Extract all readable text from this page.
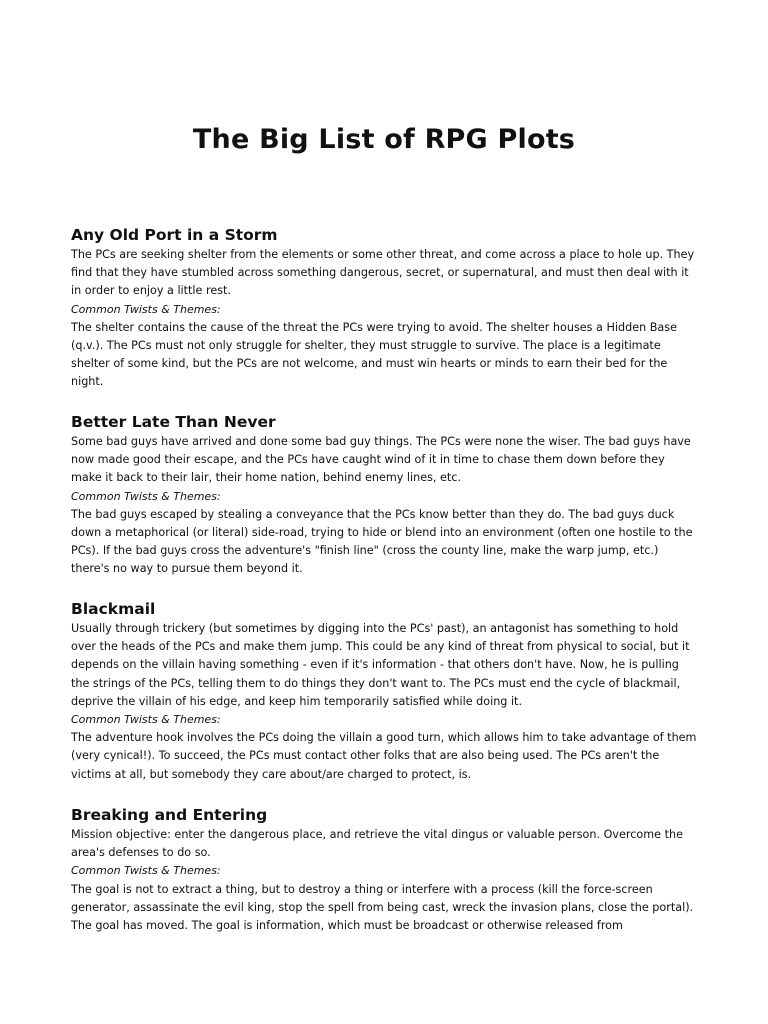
The Big List of RPG Plots
Any Old Port in a Storm

The PCs are seeking shelter from the elements or some other threat, and come across a place to hole up. They find that they have stumbled across something dangerous, secret, or supernatural, and must then deal with it in order to enjoy a little rest.

Common Twists & Themes:

The shelter contains the cause of the threat the PCs were trying to avoid. The shelter houses a Hidden Base (q.v.). The PCs must not only struggle for shelter, they must struggle to survive. The place is a legitimate shelter of some kind, but the PCs are not welcome, and must win hearts or minds to earn their bed for the night.

Better Late Than Never

Some bad guys have arrived and done some bad guy things. The PCs were none the wiser. The bad guys have now made good their escape, and the PCs have caught wind of it in time to chase them down before they make it back to their lair, their home nation, behind enemy lines, etc.

Common Twists & Themes:

The bad guys escaped by stealing a conveyance that the PCs know better than they do. The bad guys duck down a metaphorical (or literal) side-road, trying to hide or blend into an environment (often one hostile to the PCs). If the bad guys cross the adventure's "finish line" (cross the county line, make the warp jump, etc.) there's no way to pursue them beyond it.

Blackmail

Usually through trickery (but sometimes by digging into the PCs' past), an antagonist has something to hold over the heads of the PCs and make them jump. This could be any kind of threat from physical to social, but it depends on the villain having something - even if it's information - that others don't have. Now, he is pulling the strings of the PCs, telling them to do things they don't want to. The PCs must end the cycle of blackmail, deprive the villain of his edge, and keep him temporarily satisfied while doing it.

Common Twists & Themes:

The adventure hook involves the PCs doing the villain a good turn, which allows him to take advantage of them (very cynical!). To succeed, the PCs must contact other folks that are also being used. The PCs aren't the victims at all, but somebody they care about/are charged to protect, is.

Breaking and Entering

Mission objective: enter the dangerous place, and retrieve the vital dingus or valuable person. Overcome the area's defenses to do so.

Common Twists & Themes:

The goal is not to extract a thing, but to destroy a thing or interfere with a process (kill the force-screen generator, assassinate the evil king, stop the spell from being cast, wreck the invasion plans, close the portal). The goal has moved. The goal is information, which must be broadcast or otherwise released from
